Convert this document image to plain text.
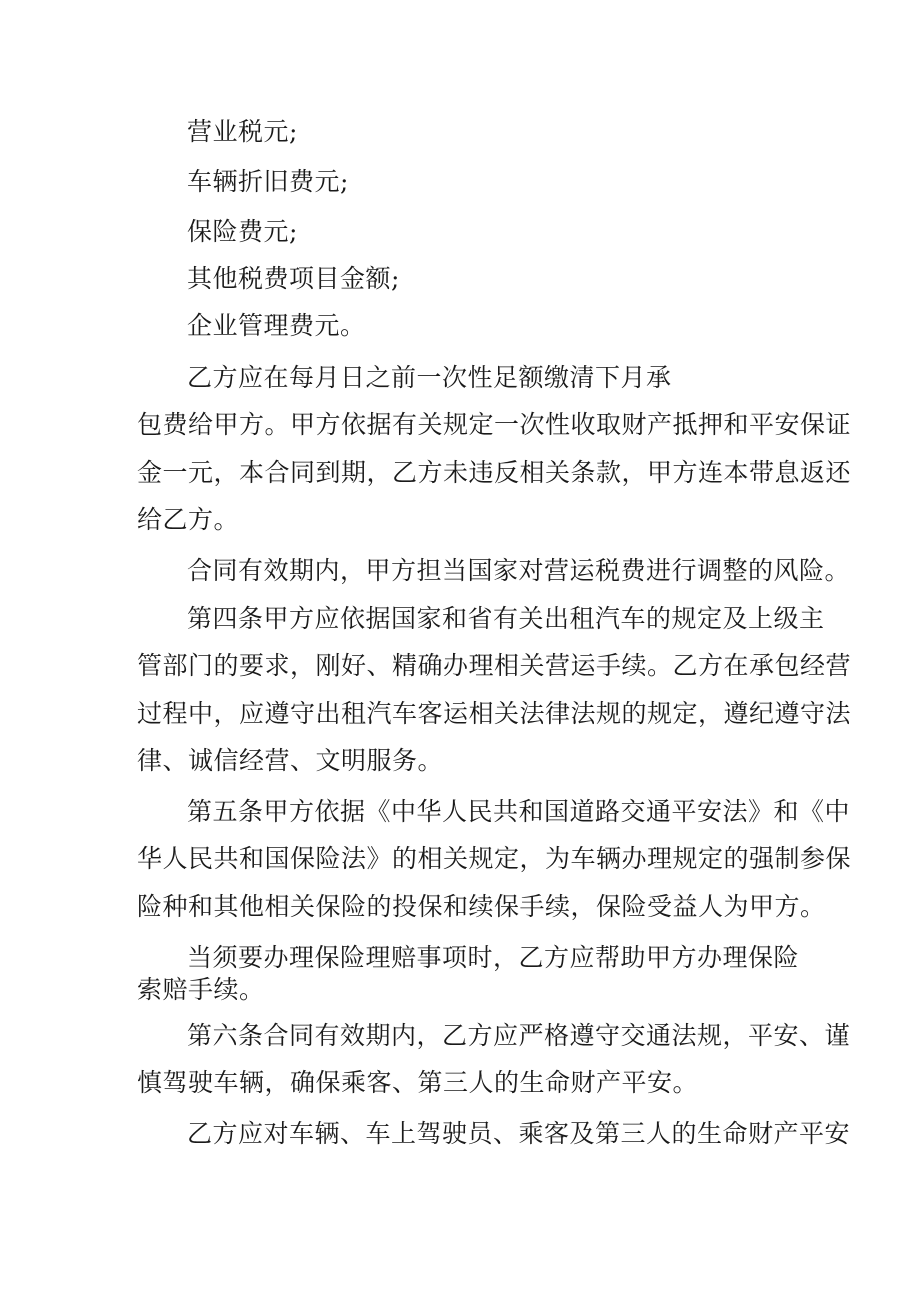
营业税元;
车辆折旧费元;
保险费元;
其他税费项目金额;
企业管理费元。
乙方应在每月日之前一次性足额缴清下月承
包费给甲方。甲方依据有关规定一次性收取财产抵押和平安保证
金一元，本合同到期，乙方未违反相关条款，甲方连本带息返还
给乙方。
合同有效期内，甲方担当国家对营运税费进行调整的风险。
第四条甲方应依据国家和省有关出租汽车的规定及上级主
管部门的要求，刚好、精确办理相关营运手续。乙方在承包经营
过程中，应遵守出租汽车客运相关法律法规的规定，遵纪遵守法
律、诚信经营、文明服务。
第五条甲方依据《中华人民共和国道路交通平安法》和《中
华人民共和国保险法》的相关规定，为车辆办理规定的强制参保
险种和其他相关保险的投保和续保手续，保险受益人为甲方。
当须要办理保险理赔事项时，乙方应帮助甲方办理保险
索赔手续。
第六条合同有效期内，乙方应严格遵守交通法规，平安、谨
慎驾驶车辆，确保乘客、第三人的生命财产平安。
乙方应对车辆、车上驾驶员、乘客及第三人的生命财产平安
